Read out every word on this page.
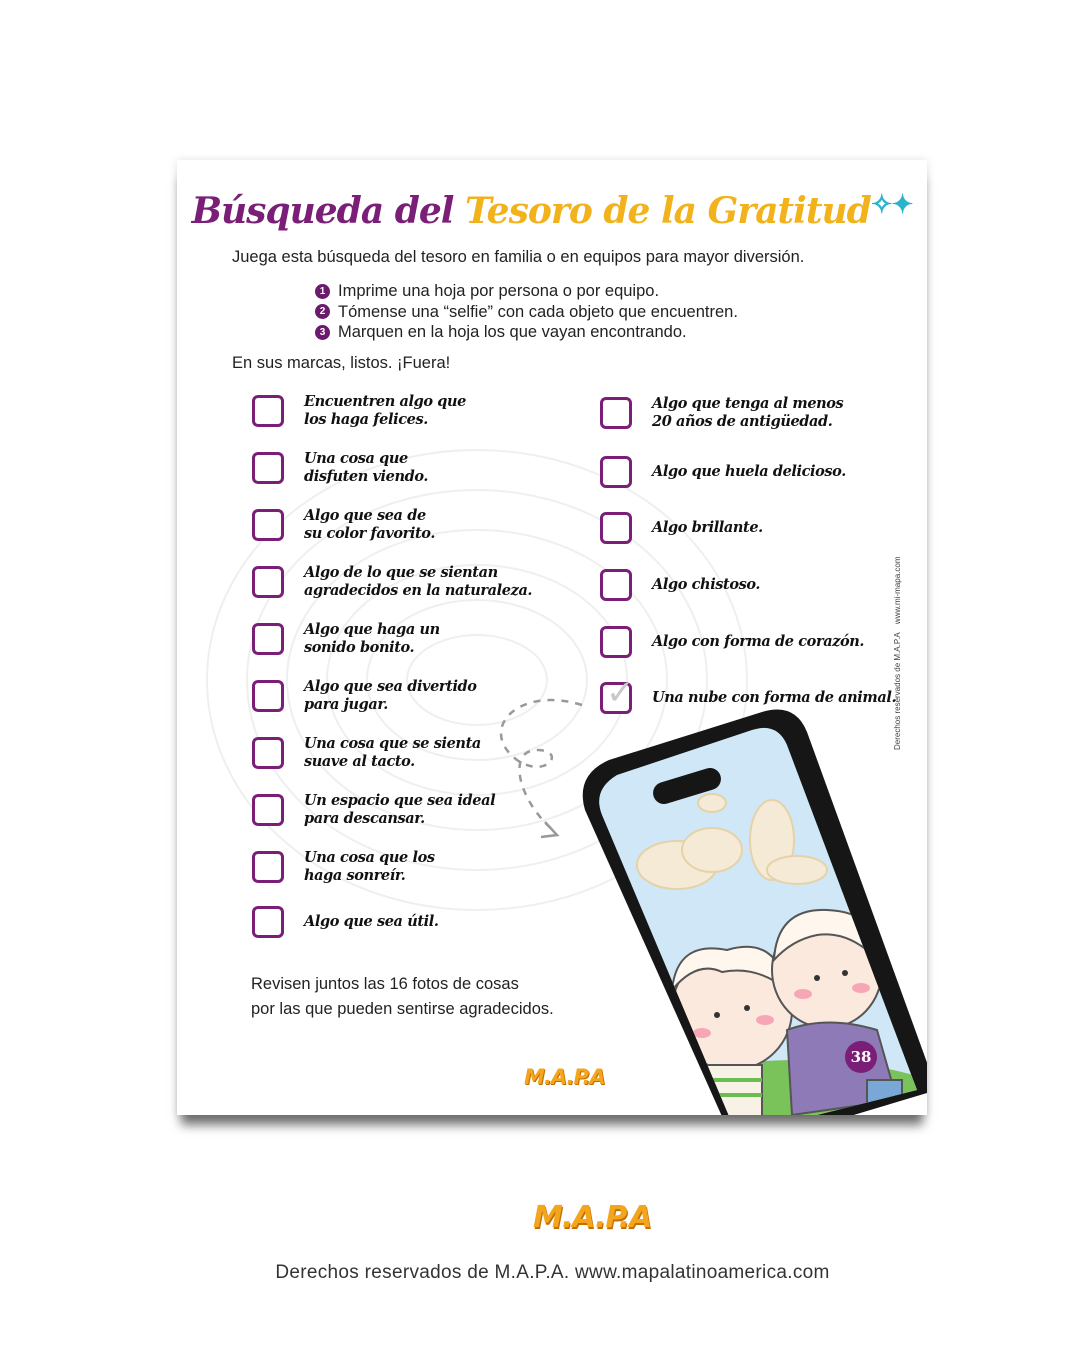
Búsqueda del Tesoro de la Gratitud✧✦
Juega esta búsqueda del tesoro en familia o en equipos para mayor diversión.
1 Imprime una hoja por persona o por equipo.
2 Tómense una “selfie” con cada objeto que encuentren.
3 Marquen en la hoja los que vayan encontrando.
En sus marcas, listos. ¡Fuera!
Encuentren algo que
los haga felices.
Una cosa que
disfuten viendo.
Algo que sea de
su color favorito.
Algo de lo que se sientan
agradecidos en la naturaleza.
Algo que haga un
sonido bonito.
Algo que sea divertido
para jugar.
Una cosa que se sienta
suave al tacto.
Un espacio que sea ideal
para descansar.
Una cosa que los
haga sonreír.
Algo que sea útil.
Algo que tenga al menos
20 años de antigüedad.
Algo que huela delicioso.
Algo brillante.
Algo chistoso.
Algo con forma de corazón.
✓ Una nube con forma de animal.
38
Revisen juntos las 16 fotos de cosas
por las que pueden sentirse agradecidos.
M.A.P.A
Derechos reservados de M.A.P.A www.mi-mapa.com
M.A.P.A
Derechos reservados de M.A.P.A. www.mapalatinoamerica.com
